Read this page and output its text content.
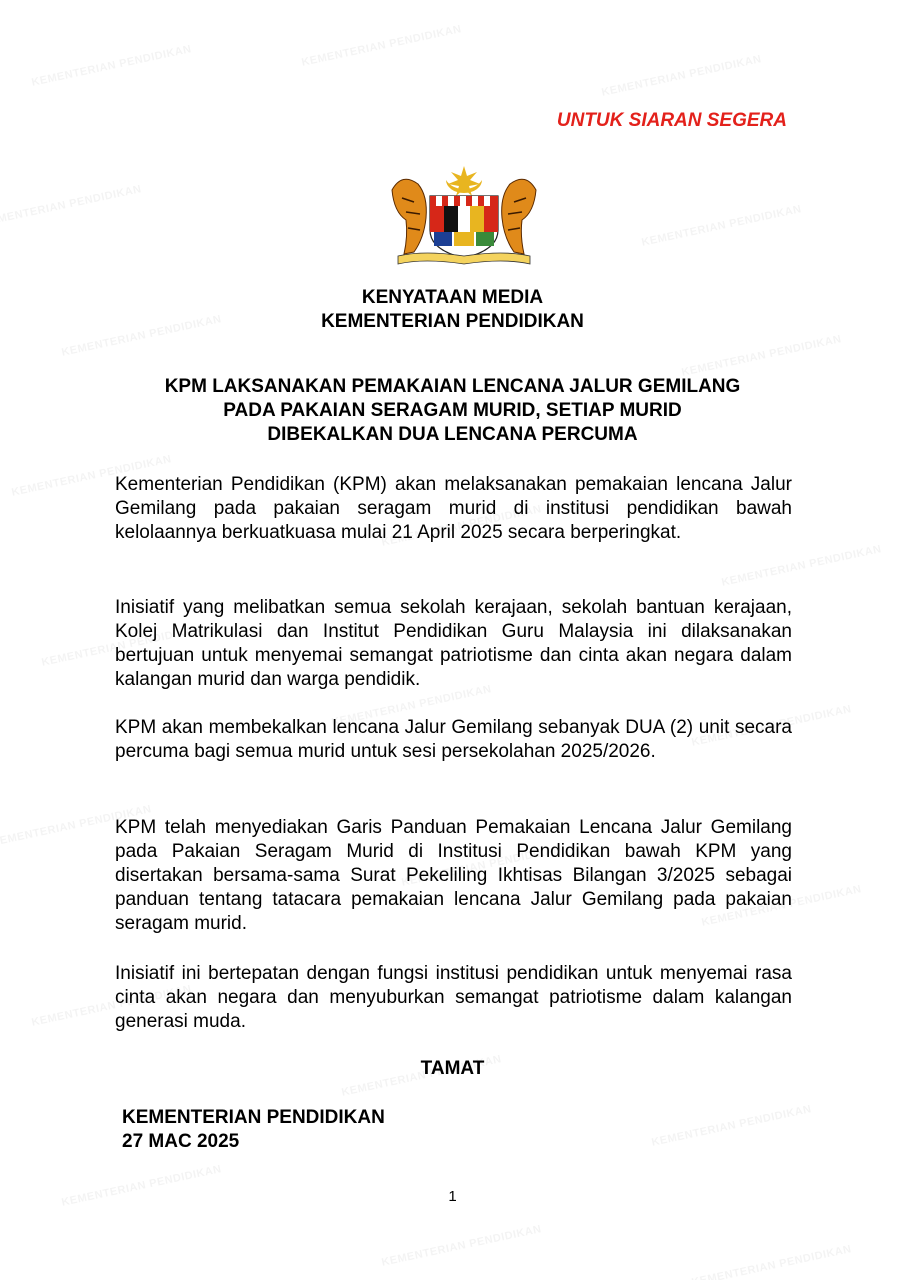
UNTUK SIARAN SEGERA
KENYATAAN MEDIA
KEMENTERIAN PENDIDIKAN
KPM LAKSANAKAN PEMAKAIAN LENCANA JALUR GEMILANG
PADA PAKAIAN SERAGAM MURID, SETIAP MURID
DIBEKALKAN DUA LENCANA PERCUMA
Kementerian Pendidikan (KPM) akan melaksanakan pemakaian lencana Jalur Gemilang pada pakaian seragam murid di institusi pendidikan bawah kelolaannya berkuatkuasa mulai 21 April 2025 secara berperingkat.
Inisiatif yang melibatkan semua sekolah kerajaan, sekolah bantuan kerajaan, Kolej Matrikulasi dan Institut Pendidikan Guru Malaysia ini dilaksanakan bertujuan untuk menyemai semangat patriotisme dan cinta akan negara dalam kalangan murid dan warga pendidik.
KPM akan membekalkan lencana Jalur Gemilang sebanyak DUA (2) unit secara percuma bagi semua murid untuk sesi persekolahan 2025/2026.
KPM telah menyediakan Garis Panduan Pemakaian Lencana Jalur Gemilang pada Pakaian Seragam Murid di Institusi Pendidikan bawah KPM yang disertakan bersama-sama Surat Pekeliling Ikhtisas Bilangan 3/2025 sebagai panduan tentang tatacara pemakaian lencana Jalur Gemilang pada pakaian seragam murid.
Inisiatif ini bertepatan dengan fungsi institusi pendidikan untuk menyemai rasa cinta akan negara dan menyuburkan semangat patriotisme dalam kalangan generasi muda.
TAMAT
KEMENTERIAN PENDIDIKAN
27 MAC 2025
1
